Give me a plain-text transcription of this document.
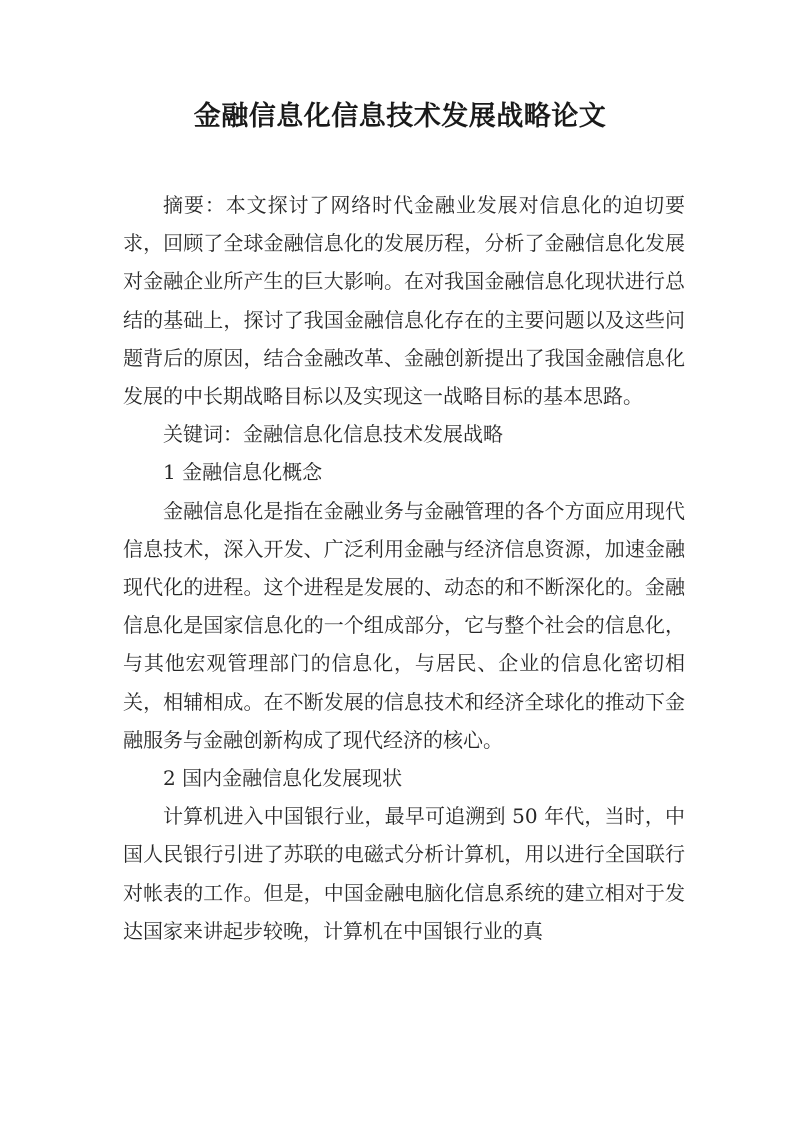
金融信息化信息技术发展战略论文

摘要：本文探讨了网络时代金融业发展对信息化的迫切要求，回顾了全球金融信息化的发展历程，分析了金融信息化发展对金融企业所产生的巨大影响。在对我国金融信息化现状进行总结的基础上，探讨了我国金融信息化存在的主要问题以及这些问题背后的原因，结合金融改革、金融创新提出了我国金融信息化发展的中长期战略目标以及实现这一战略目标的基本思路。

关键词：金融信息化信息技术发展战略

1 金融信息化概念

金融信息化是指在金融业务与金融管理的各个方面应用现代信息技术，深入开发、广泛利用金融与经济信息资源，加速金融现代化的进程。这个进程是发展的、动态的和不断深化的。金融信息化是国家信息化的一个组成部分，它与整个社会的信息化，与其他宏观管理部门的信息化，与居民、企业的信息化密切相关，相辅相成。在不断发展的信息技术和经济全球化的推动下金融服务与金融创新构成了现代经济的核心。

2 国内金融信息化发展现状

计算机进入中国银行业，最早可追溯到 50 年代，当时，中国人民银行引进了苏联的电磁式分析计算机，用以进行全国联行对帐表的工作。但是，中国金融电脑化信息系统的建立相对于发达国家来讲起步较晚，计算机在中国银行业的真
